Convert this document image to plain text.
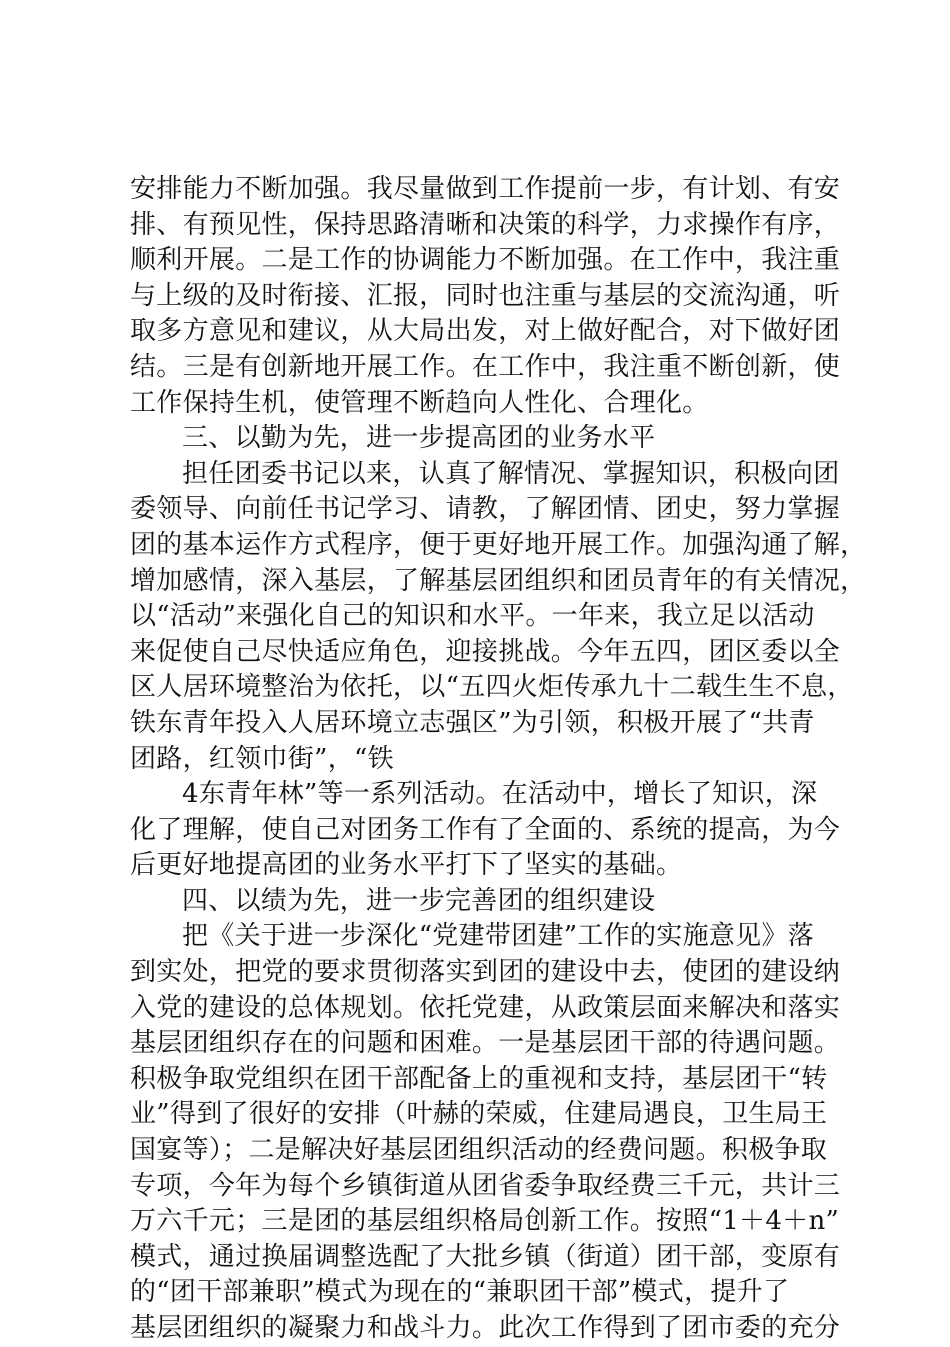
安排能力不断加强。我尽量做到工作提前一步，有计划、有安
排、有预见性，保持思路清晰和决策的科学，力求操作有序，
顺利开展。二是工作的协调能力不断加强。在工作中，我注重
与上级的及时衔接、汇报，同时也注重与基层的交流沟通，听
取多方意见和建议，从大局出发，对上做好配合，对下做好团
结。三是有创新地开展工作。在工作中，我注重不断创新，使
工作保持生机，使管理不断趋向人性化、合理化。
三、以勤为先，进一步提高团的业务水平
担任团委书记以来，认真了解情况、掌握知识，积极向团
委领导、向前任书记学习、请教，了解团情、团史，努力掌握
团的基本运作方式程序，便于更好地开展工作。加强沟通了解，
增加感情，深入基层，了解基层团组织和团员青年的有关情况，
以“活动”来强化自己的知识和水平。一年来，我立足以活动
来促使自己尽快适应角色，迎接挑战。今年五四，团区委以全
区人居环境整治为依托，以“五四火炬传承九十二载生生不息，
铁东青年投入人居环境立志强区”为引领，积极开展了“共青
团路，红领巾街”，“铁
4东青年林”等一系列活动。在活动中，增长了知识，深
化了理解，使自己对团务工作有了全面的、系统的提高，为今
后更好地提高团的业务水平打下了坚实的基础。
四、以绩为先，进一步完善团的组织建设
把《关于进一步深化“党建带团建”工作的实施意见》落
到实处，把党的要求贯彻落实到团的建设中去，使团的建设纳
入党的建设的总体规划。依托党建，从政策层面来解决和落实
基层团组织存在的问题和困难。一是基层团干部的待遇问题。
积极争取党组织在团干部配备上的重视和支持，基层团干“转
业”得到了很好的安排（叶赫的荣威，住建局遇良，卫生局王
国宴等）；二是解决好基层团组织活动的经费问题。积极争取
专项，今年为每个乡镇街道从团省委争取经费三千元，共计三
万六千元；三是团的基层组织格局创新工作。按照“1＋4＋n”
模式，通过换届调整选配了大批乡镇（街道）团干部，变原有
的“团干部兼职”模式为现在的“兼职团干部”模式，提升了
基层团组织的凝聚力和战斗力。此次工作得到了团市委的充分
